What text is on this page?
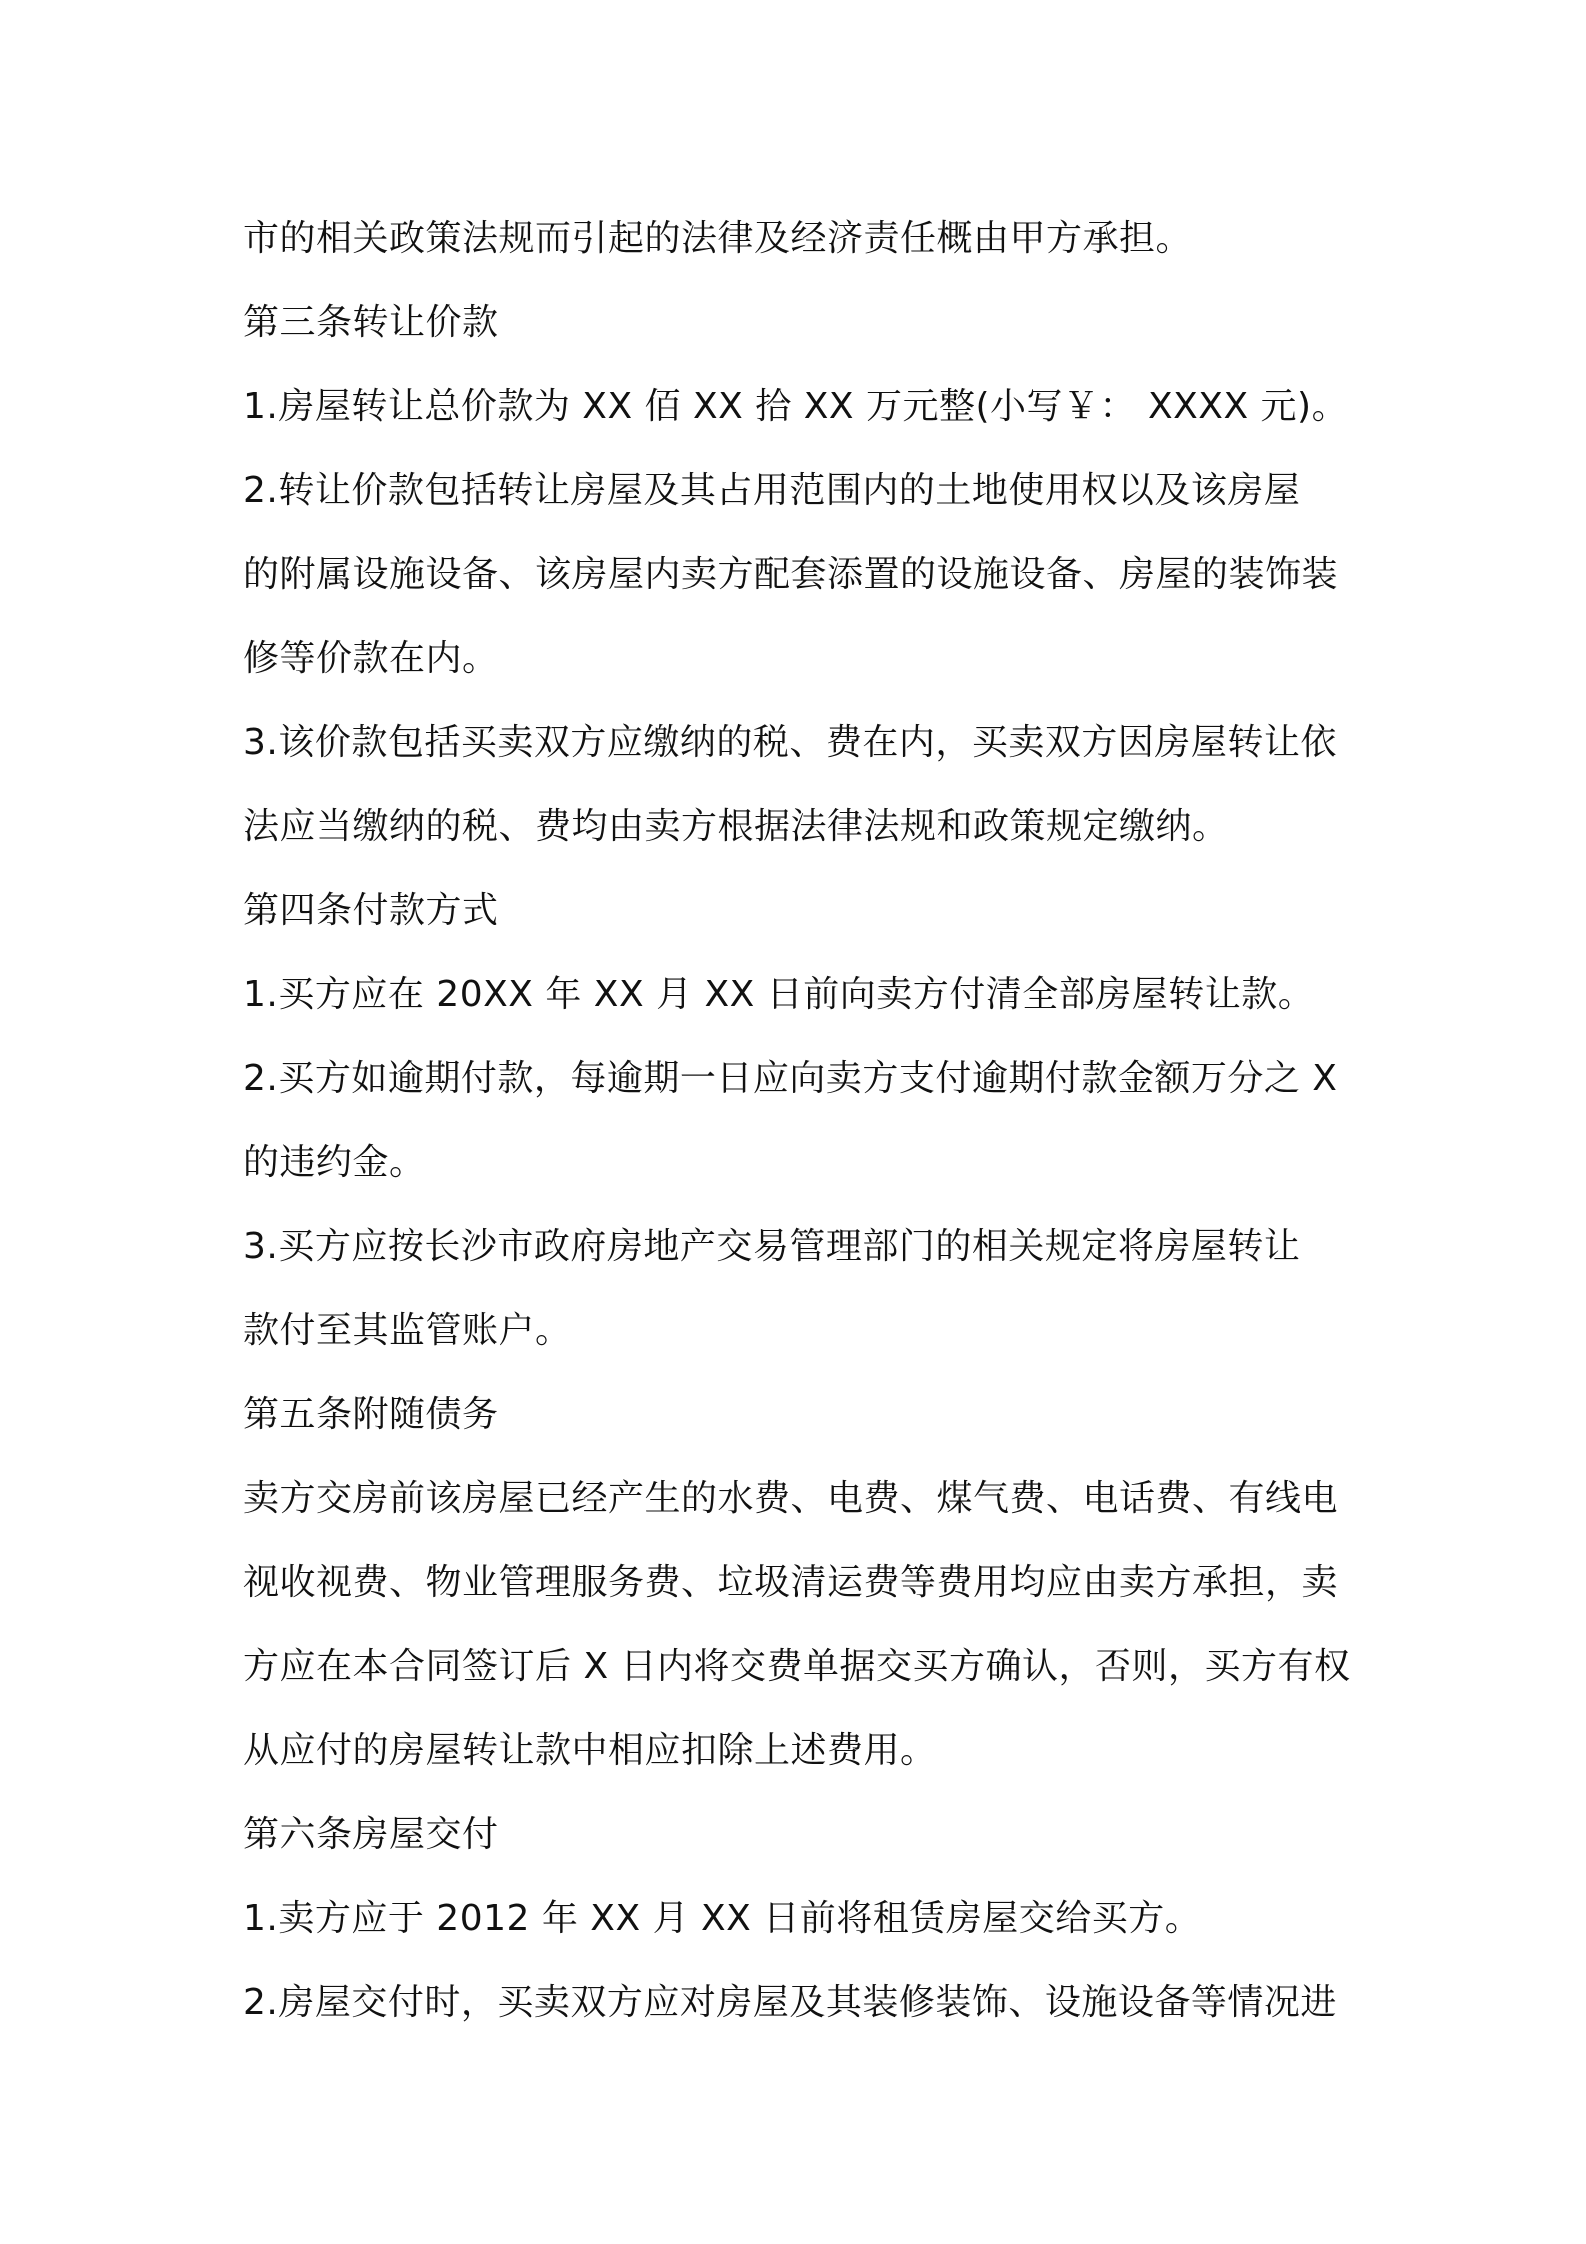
市的相关政策法规而引起的法律及经济责任概由甲方承担。
第三条转让价款
1.房屋转让总价款为 XX 佰 XX 拾 XX 万元整(小写￥： XXXX 元)。
2.转让价款包括转让房屋及其占用范围内的土地使用权以及该房屋
的附属设施设备、该房屋内卖方配套添置的设施设备、房屋的装饰装
修等价款在内。
3.该价款包括买卖双方应缴纳的税、费在内，买卖双方因房屋转让依
法应当缴纳的税、费均由卖方根据法律法规和政策规定缴纳。
第四条付款方式
1.买方应在 20XX 年 XX 月 XX 日前向卖方付清全部房屋转让款。
2.买方如逾期付款，每逾期一日应向卖方支付逾期付款金额万分之 X
的违约金。
3.买方应按长沙市政府房地产交易管理部门的相关规定将房屋转让
款付至其监管账户。
第五条附随债务
卖方交房前该房屋已经产生的水费、电费、煤气费、电话费、有线电
视收视费、物业管理服务费、垃圾清运费等费用均应由卖方承担，卖
方应在本合同签订后 X 日内将交费单据交买方确认，否则，买方有权
从应付的房屋转让款中相应扣除上述费用。
第六条房屋交付
1.卖方应于 2012 年 XX 月 XX 日前将租赁房屋交给买方。
2.房屋交付时，买卖双方应对房屋及其装修装饰、设施设备等情况进
